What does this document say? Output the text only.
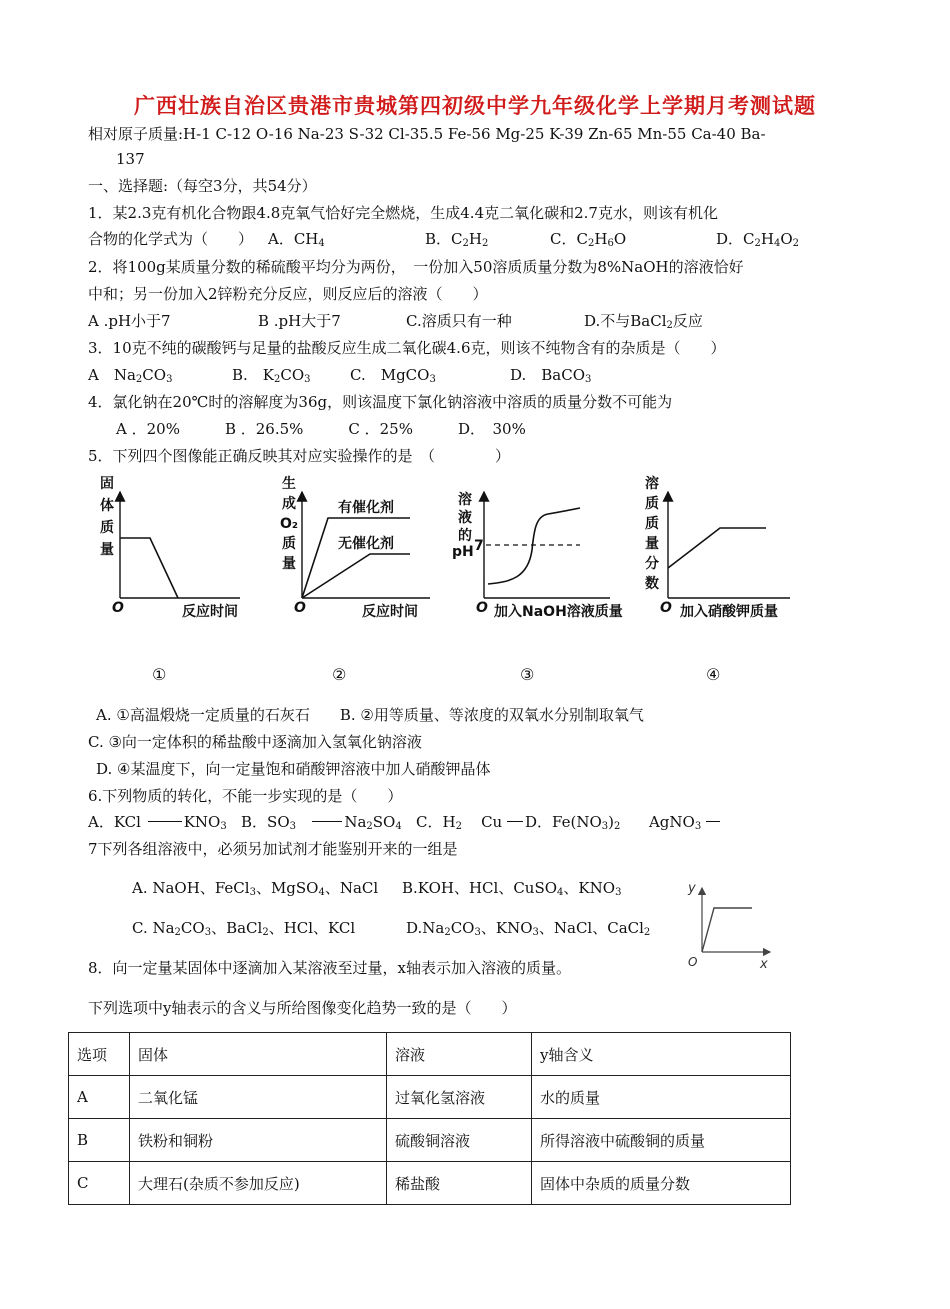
广西壮族自治区贵港市贵城第四初级中学九年级化学上学期月考测试题
相对原子质量:H-1 C-12 O-16 Na-23 S-32 Cl-35.5 Fe-56 Mg-25 K-39 Zn-65 Mn-55 Ca-40 Ba-
137
一、选择题:（每空3分，共54分）
1．某2.3克有机化合物跟4.8克氧气恰好完全燃烧，生成4.4克二氧化碳和2.7克水，则该有机化
合物的化学式为（　　） A．$CH_4$	B．$C_2H_2$	C．$C_2H_6O$	D．$C_2H_4O_2$
2．将100g某质量分数的稀硫酸平均分为两份，　一份加入50溶质质量分数为8%NaOH的溶液恰好
中和；另一份加入2锌粉充分反应，则反应后的溶液（　　）
A .pH小于7	B .pH大于7	C.溶质只有一种	D.不与BaCl$_2$反应
3．10克不纯的碳酸钙与足量的盐酸反应生成二氧化碳4.6克，则该不纯物含有的杂质是（　　）
A　$Na_2CO_3$	B.　$K_2CO_3$	C.　MgCO$_3$	D.　BaCO$_3$
4．氯化钠在20℃时的溶解度为36g，则该温度下氯化钠溶液中溶质的质量分数不可能为
A ．20%　　　B ．26.5%　　　C ．25%　　　D．　30%
5．下列四个图像能正确反映其对应实验操作的是　（　　　　）
固
体
质
量
O	反应时间
①
生
成
O₂
质
量
有催化剂
无催化剂
O	反应时间
②
溶
液
的
pH 7
O 加入NaOH溶液质量
③
溶
质
质
量
分
数
O 加入硝酸钾质量
④
A. ①高温煅烧一定质量的石灰石　　B. ②用等质量、等浓度的双氧水分别制取氧气
C. ③向一定体积的稀盐酸中逐滴加入氢氧化钠溶液
D. ④某温度下，向一定量饱和硝酸钾溶液中加人硝酸钾晶体
6.下列物质的转化，不能一步实现的是（　　）
A．KCl	$KNO_3$ B．$SO_3$	$Na_2SO_4$ C．$H_2$ Cu D．$Fe(NO_3)_2$ AgNO$_3$
7下列各组溶液中，必须另加试剂才能鉴别开来的一组是
A. NaOH、FeCl$_3$、MgSO$_4$、NaCl B.KOH、HCl、CuSO$_4$、$KNO_3$
C. $Na_2CO_3$、BaCl$_2$、HCl、KCl	$D.Na_2CO_3$、$KNO_3$、NaCl、CaCl$_2$
y
x
O
8．向一定量某固体中逐滴加入某溶液至过量，x轴表示加入溶液的质量。
下列选项中y轴表示的含义与所给图像变化趋势一致的是（　　）
选项	固体	溶液	y轴含义
A	二氧化锰	过氧化氢溶液	水的质量
B	铁粉和铜粉	硫酸铜溶液	所得溶液中硫酸铜的质量
C	大理石(杂质不参加反应)	稀盐酸	固体中杂质的质量分数
